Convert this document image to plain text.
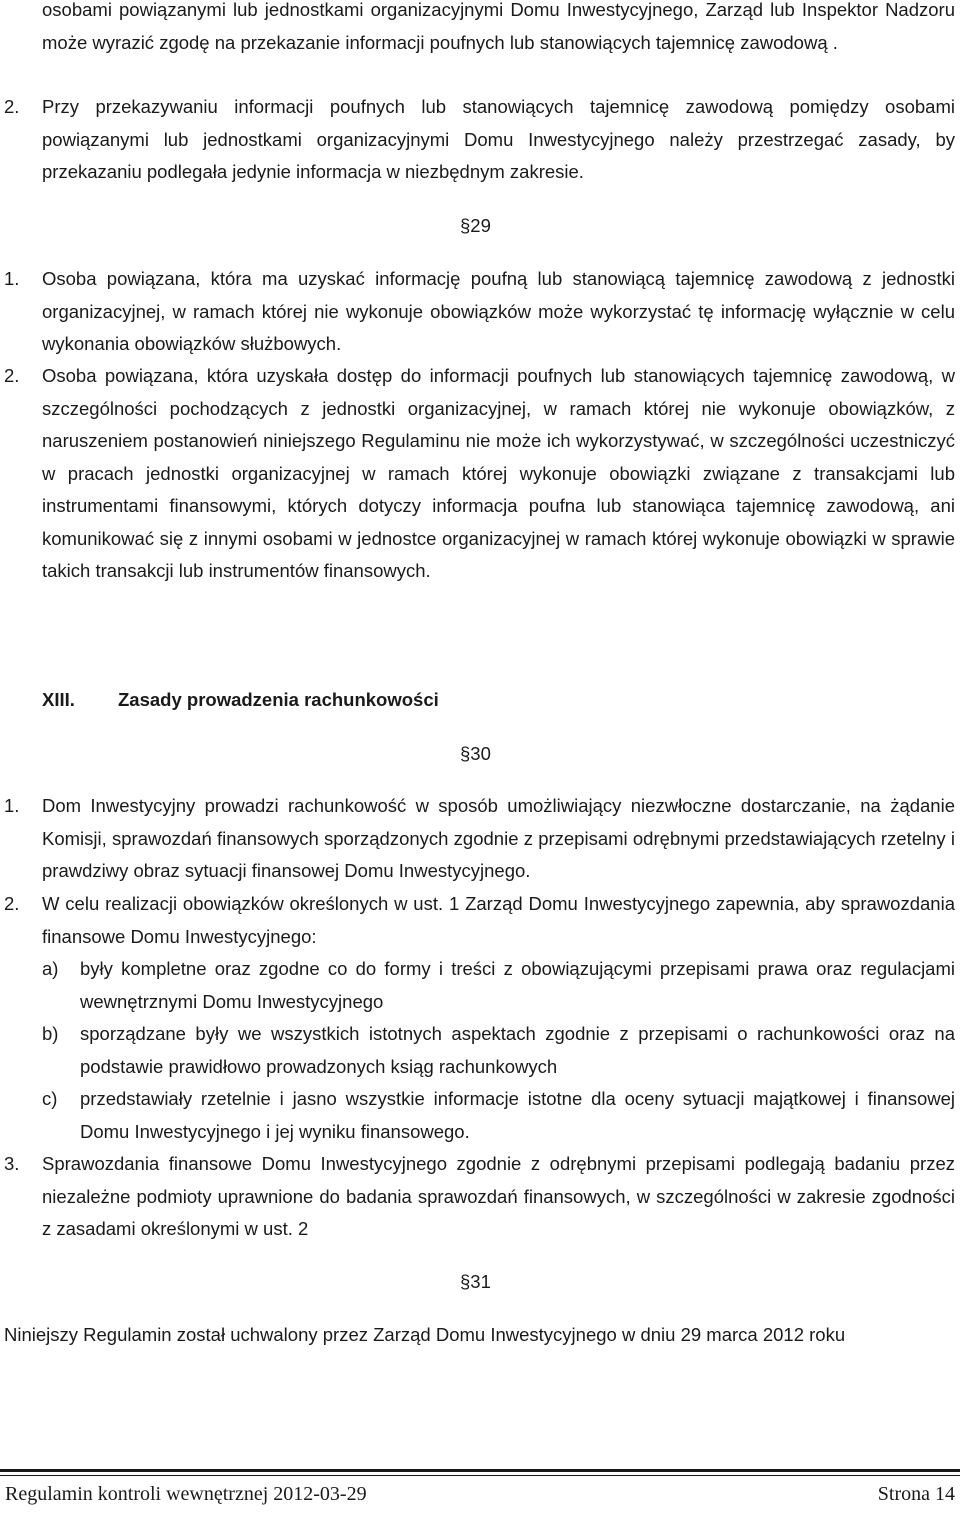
osobami powiązanymi lub jednostkami organizacyjnymi Domu Inwestycyjnego, Zarząd lub Inspektor Nadzoru może wyrazić zgodę na przekazanie informacji poufnych lub stanowiących tajemnicę zawodową .

2. Przy przekazywaniu informacji poufnych lub stanowiących tajemnicę zawodową pomiędzy osobami powiązanymi lub jednostkami organizacyjnymi Domu Inwestycyjnego należy przestrzegać zasady, by przekazaniu podlegała jedynie informacja w niezbędnym zakresie.

§29
1. Osoba powiązana, która ma uzyskać informację poufną lub stanowiącą tajemnicę zawodową z jednostki organizacyjnej, w ramach której nie wykonuje obowiązków może wykorzystać tę informację wyłącznie w celu wykonania obowiązków służbowych.

2. Osoba powiązana, która uzyskała dostęp do informacji poufnych lub stanowiących tajemnicę zawodową, w szczególności pochodzących z jednostki organizacyjnej, w ramach której nie wykonuje obowiązków, z naruszeniem postanowień niniejszego Regulaminu nie może ich wykorzystywać, w szczególności uczestniczyć w pracach jednostki organizacyjnej w ramach której wykonuje obowiązki związane z transakcjami lub instrumentami finansowymi, których dotyczy informacja poufna lub stanowiąca tajemnicę zawodową, ani komunikować się z innymi osobami w jednostce organizacyjnej w ramach której wykonuje obowiązki w sprawie takich transakcji lub instrumentów finansowych.

XIII. Zasady prowadzenia rachunkowości
§30
1. Dom Inwestycyjny prowadzi rachunkowość w sposób umożliwiający niezwłoczne dostarczanie, na żądanie Komisji, sprawozdań finansowych sporządzonych zgodnie z przepisami odrębnymi przedstawiających rzetelny i prawdziwy obraz sytuacji finansowej Domu Inwestycyjnego.

2. W celu realizacji obowiązków określonych w ust. 1 Zarząd Domu Inwestycyjnego zapewnia, aby sprawozdania finansowe Domu Inwestycyjnego:

a) były kompletne oraz zgodne co do formy i treści z obowiązującymi przepisami prawa oraz regulacjami wewnętrznymi Domu Inwestycyjnego

b) sporządzane były we wszystkich istotnych aspektach zgodnie z przepisami o rachunkowości oraz na podstawie prawidłowo prowadzonych ksiąg rachunkowych

c) przedstawiały rzetelnie i jasno wszystkie informacje istotne dla oceny sytuacji majątkowej i finansowej Domu Inwestycyjnego i jej wyniku finansowego.

3. Sprawozdania finansowe Domu Inwestycyjnego zgodnie z odrębnymi przepisami podlegają badaniu przez niezależne podmioty uprawnione do badania sprawozdań finansowych, w szczególności w zakresie zgodności z zasadami określonymi w ust. 2

§31

Niniejszy Regulamin został uchwalony przez Zarząd Domu Inwestycyjnego w dniu 29 marca 2012 roku

Regulamin kontroli wewnętrznej 2012-03-29	Strona 14
